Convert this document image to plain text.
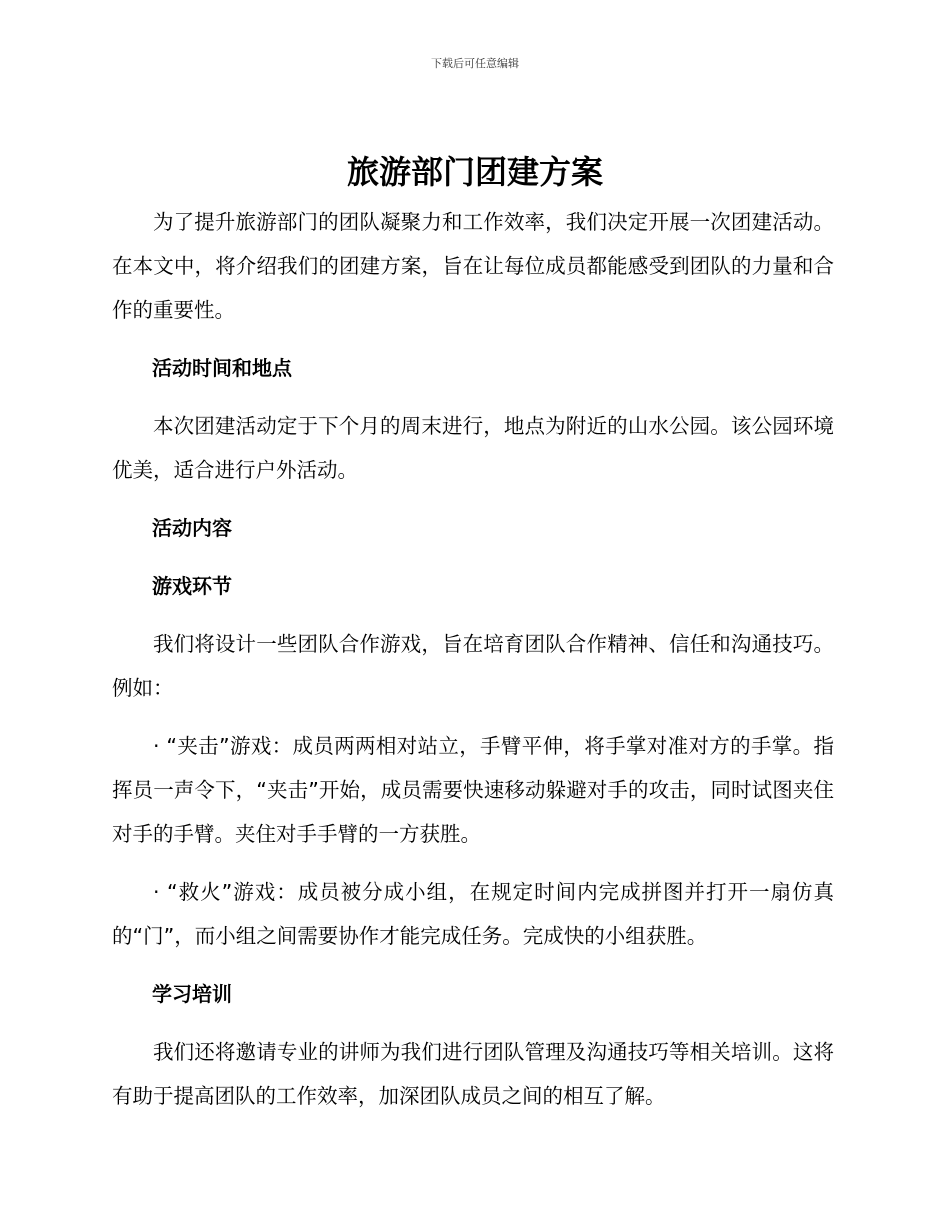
下载后可任意编辑
旅游部门团建方案

为了提升旅游部门的团队凝聚力和工作效率，我们决定开展一次团建活动。在本文中，将介绍我们的团建方案，旨在让每位成员都能感受到团队的力量和合作的重要性。

活动时间和地点

本次团建活动定于下个月的周末进行，地点为附近的山水公园。该公园环境优美，适合进行户外活动。

活动内容

游戏环节

我们将设计一些团队合作游戏，旨在培育团队合作精神、信任和沟通技巧。例如：

· “夹击”游戏：成员两两相对站立，手臂平伸，将手掌对准对方的手掌。指挥员一声令下，“夹击”开始，成员需要快速移动躲避对手的攻击，同时试图夹住对手的手臂。夹住对手手臂的一方获胜。

· “救火”游戏：成员被分成小组，在规定时间内完成拼图并打开一扇仿真的“门”，而小组之间需要协作才能完成任务。完成快的小组获胜。

学习培训

我们还将邀请专业的讲师为我们进行团队管理及沟通技巧等相关培训。这将有助于提高团队的工作效率，加深团队成员之间的相互了解。
